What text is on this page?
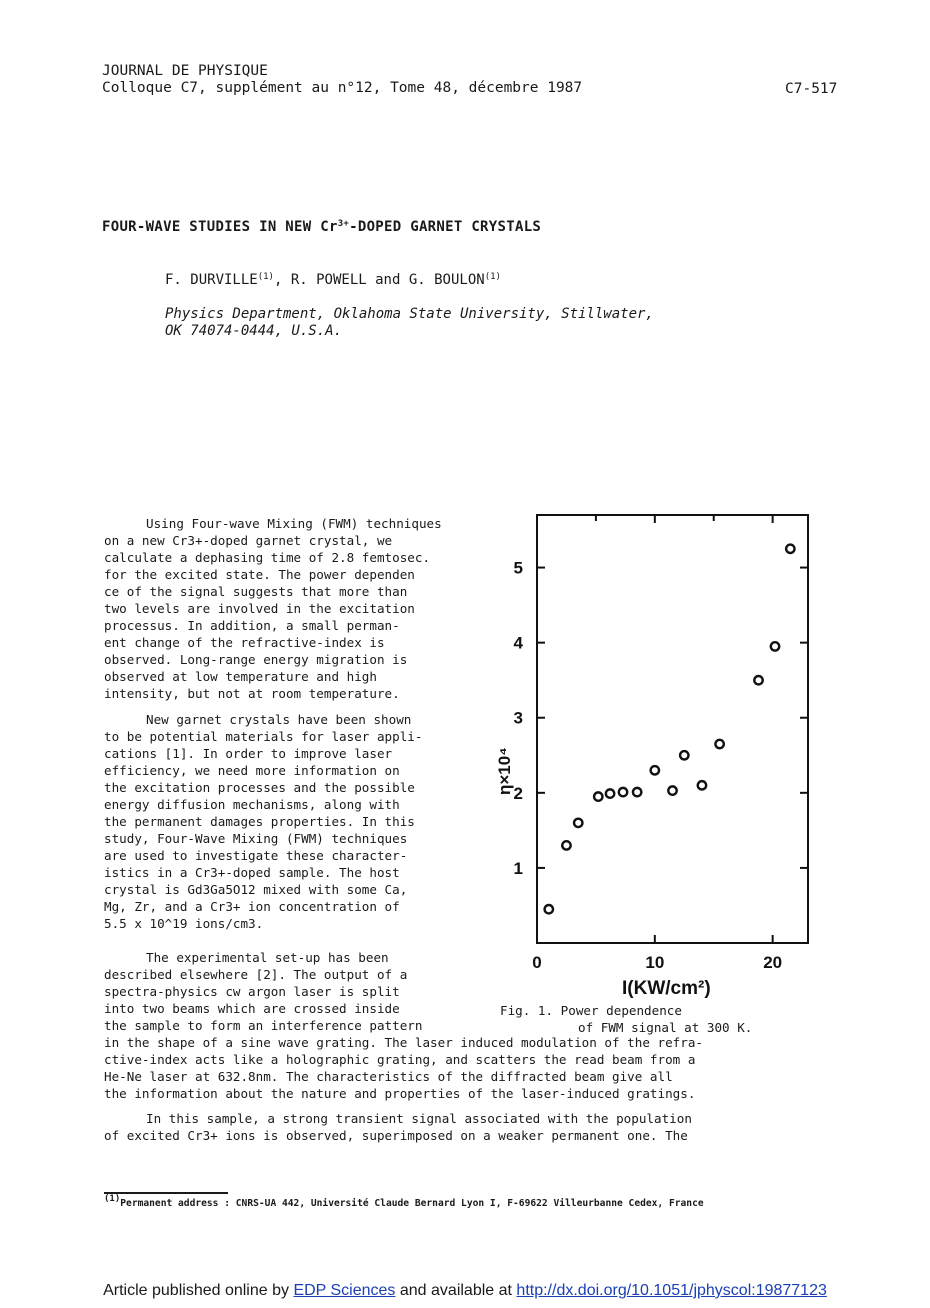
JOURNAL DE PHYSIQUE
Colloque C7, supplément au n°12, Tome 48, décembre 1987	C7-517
FOUR-WAVE STUDIES IN NEW $Cr^{3+}$-DOPED GARNET CRYSTALS
F. DURVILLE$^{(1)}$, R. POWELL and G. BOULON$^{(1)}$
Physics Department, Oklahoma State University, Stillwater,
OK 74074-0444, U.S.A.
Using Four-wave Mixing (FWM) techniques
on a new Cr3+-doped garnet crystal, we
calculate a dephasing time of 2.8 femtosec.
for the excited state. The power dependen
ce of the signal suggests that more than
two levels are involved in the excitation
processus. In addition, a small perman-
ent change of the refractive-index is
observed. Long-range energy migration is
observed at low temperature and high
intensity, but not at room temperature.
New garnet crystals have been shown
to be potential materials for laser appli-
cations [1]. In order to improve laser
efficiency, we need more information on
the excitation processes and the possible
energy diffusion mechanisms, along with
the permanent damages properties. In this
study, Four-Wave Mixing (FWM) techniques
are used to investigate these character-
istics in a Cr3+-doped sample. The host
crystal is Gd3Ga5O12 mixed with some Ca,
Mg, Zr, and a Cr3+ ion concentration of
5.5 x 10^19 ions/cm3.
The experimental set-up has been
described elsewhere [2]. The output of a
spectra-physics cw argon laser is split
into two beams which are crossed inside
the sample to form an interference pattern
in the shape of a sine wave grating. The laser induced modulation of the refra-
ctive-index acts like a holographic grating, and scatters the read beam from a
He-Ne laser at 632.8nm. The characteristics of the diffracted beam give all
the information about the nature and properties of the laser-induced gratings.
In this sample, a strong transient signal associated with the population
of excited Cr3+ ions is observed, superimposed on a weaker permanent one. The
1
2
3
4
5
0	10	20
η×10⁴
I(KW/cm²)
Fig. 1. Power dependence
of FWM signal at 300 K.
$^{(1)}$Permanent address : CNRS-UA 442, Université Claude Bernard Lyon I, F-69622 Villeurbanne Cedex, France
Article published online by EDP Sciences and available at http://dx.doi.org/10.1051/jphyscol:19877123
